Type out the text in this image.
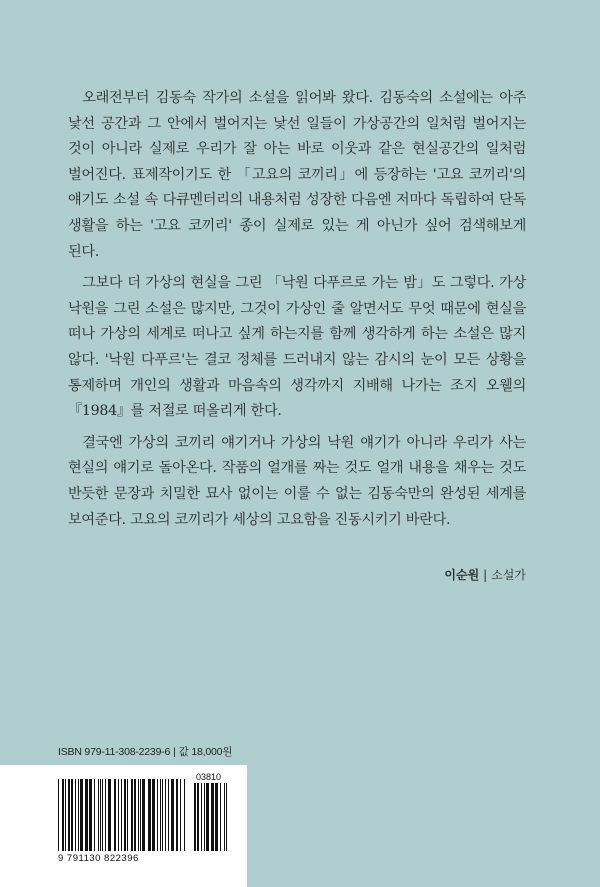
오래전부터 김동숙 작가의 소설을 읽어봐 왔다. 김동숙의 소설에는 아주 낯선 공간과 그 안에서 벌어지는 낯선 일들이 가상공간의 일처럼 벌어지는 것이 아니라 실제로 우리가 잘 아는 바로 이웃과 같은 현실공간의 일처럼 벌어진다. 표제작이기도 한 「고요의 코끼리」에 등장하는 '고요 코끼리'의 얘기도 소설 속 다큐멘터리의 내용처럼 성장한 다음엔 저마다 독립하여 단독 생활을 하는 '고요 코끼리' 종이 실제로 있는 게 아닌가 싶어 검색해보게 된다.

그보다 더 가상의 현실을 그린 「낙원 다푸르로 가는 밤」도 그렇다. 가상 낙원을 그린 소설은 많지만, 그것이 가상인 줄 알면서도 무엇 때문에 현실을 떠나 가상의 세계로 떠나고 싶게 하는지를 함께 생각하게 하는 소설은 많지 않다. '낙원 다푸르'는 결코 정체를 드러내지 않는 감시의 눈이 모든 상황을 통제하며 개인의 생활과 마음속의 생각까지 지배해 나가는 조지 오웰의 『1984』를 저절로 떠올리게 한다.

결국엔 가상의 코끼리 얘기거나 가상의 낙원 얘기가 아니라 우리가 사는 현실의 얘기로 돌아온다. 작품의 얼개를 짜는 것도 얼개 내용을 채우는 것도 반듯한 문장과 치밀한 묘사 없이는 이룰 수 없는 김동숙만의 완성된 세계를 보여준다. 고요의 코끼리가 세상의 고요함을 진동시키기 바란다.

이순원 | 소설가
ISBN 979-11-308-2239-6 | 값 18,000원
03810
9 791130 822396
